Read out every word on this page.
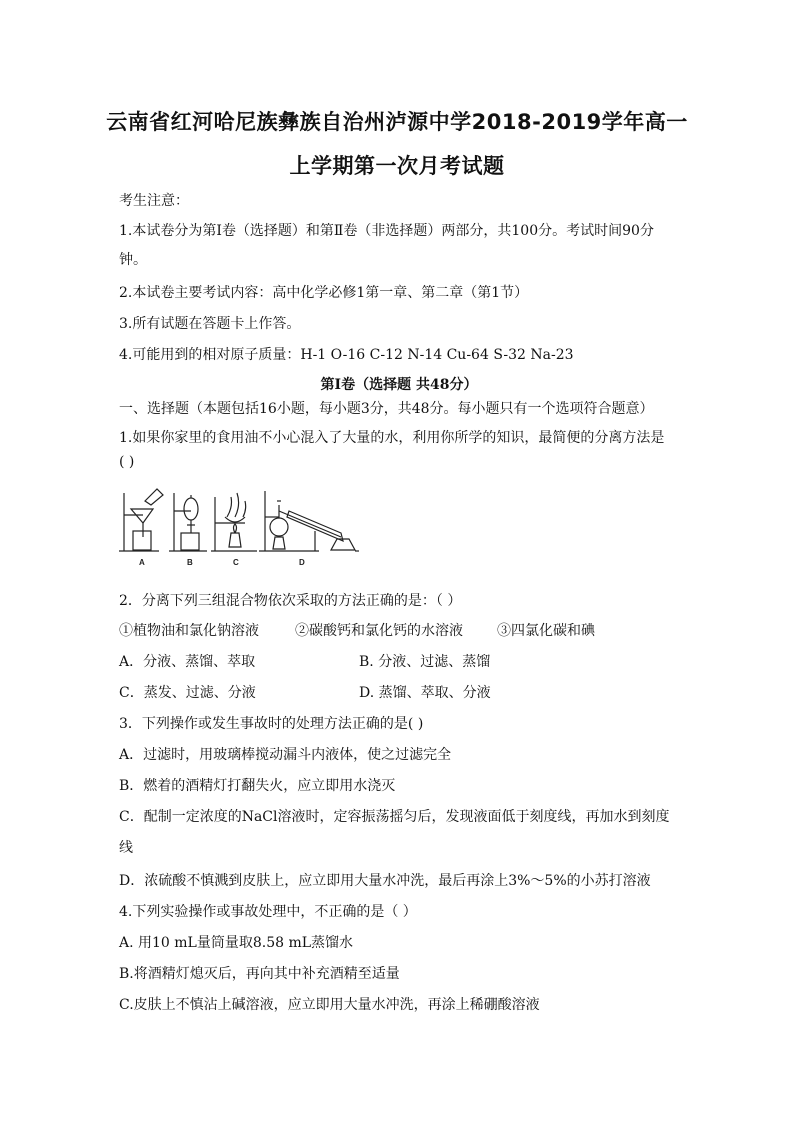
云南省红河哈尼族彝族自治州泸源中学2018-2019学年高一
上学期第一次月考试题
考生注意：
1.本试卷分为第Ⅰ卷（选择题）和第Ⅱ卷（非选择题）两部分，共100分。考试时间90分
钟。
2.本试卷主要考试内容：高中化学必修1第一章、第二章（第1节）
3.所有试题在答题卡上作答。
4.可能用到的相对原子质量：H-1 O-16 C-12 N-14 Cu-64 S-32 Na-23
第Ⅰ卷（选择题 共48分）
一、选择题（本题包括16小题，每小题3分，共48分。每小题只有一个选项符合题意）
1.如果你家里的食用油不小心混入了大量的水，利用你所学的知识，最简便的分离方法是
( )
A	B	C	D
2．分离下列三组混合物依次采取的方法正确的是：（ ）
①植物油和氯化钠溶液	②碳酸钙和氯化钙的水溶液 ③四氯化碳和碘
A．分液、蒸馏、萃取	B. 分液、过滤、蒸馏
C．蒸发、过滤、分液	D. 蒸馏、萃取、分液
3．下列操作或发生事故时的处理方法正确的是( )
A．过滤时，用玻璃棒搅动漏斗内液体，使之过滤完全
B．燃着的酒精灯打翻失火，应立即用水浇灭
C．配制一定浓度的NaCl溶液时，定容振荡摇匀后，发现液面低于刻度线，再加水到刻度
线
D．浓硫酸不慎溅到皮肤上，应立即用大量水冲洗，最后再涂上3%～5%的小苏打溶液
4.下列实验操作或事故处理中，不正确的是（ ）
A. 用10 mL量筒量取8.58 mL蒸馏水
B.将酒精灯熄灭后，再向其中补充酒精至适量
C.皮肤上不慎沾上碱溶液，应立即用大量水冲洗，再涂上稀硼酸溶液
